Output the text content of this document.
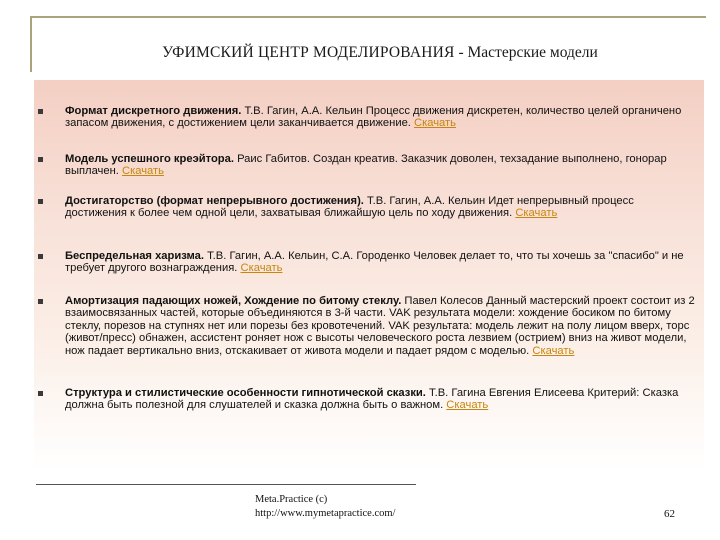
УФИМСКИЙ ЦЕНТР МОДЕЛИРОВАНИЯ - Мастерские модели
Формат дискретного движения. Т.В. Гагин, А.А. Кельин Процесс движения дискретен, количество целей органичено запасом движения, с достижением цели заканчивается движение. Скачать
Модель успешного креэйтора. Раис Габитов. Создан креатив. Заказчик доволен, техзадание выполнено, гонорар выплачен. Скачать
Достигаторство (формат непрерывного достижения). Т.В. Гагин, А.А. Кельин Идет непрерывный процесс достижения к более чем одной цели, захватывая ближайшую цель по ходу движения. Скачать
Беспредельная харизма. Т.В. Гагин, А.А. Кельин, С.А. Городенко Человек делает то, что ты хочешь за "спасибо" и не требует другого вознаграждения. Скачать
Амортизация падающих ножей, Хождение по битому стеклу. Павел Колесов Данный мастерский проект состоит из 2 взаимосвязанных частей, которые объединяются в 3-й части. VAK результата модели: хождение босиком по битому стеклу, порезов на ступнях нет или порезы без кровотечений. VAK результата: модель лежит на полу лицом вверх, торс (живот/пресс) обнажен, ассистент роняет нож с высоты человеческого роста лезвием (острием) вниз на живот модели, нож падает вертикально вниз, отскакивает от живота модели и падает рядом с моделью. Скачать
Структура и стилистические особенности гипнотической сказки. Т.В. Гагина Евгения Елисеева Критерий: Сказка должна быть полезной для слушателей и сказка должна быть о важном. Скачать
Meta.Practice (c)
http://www.mymetapractice.com/	62
